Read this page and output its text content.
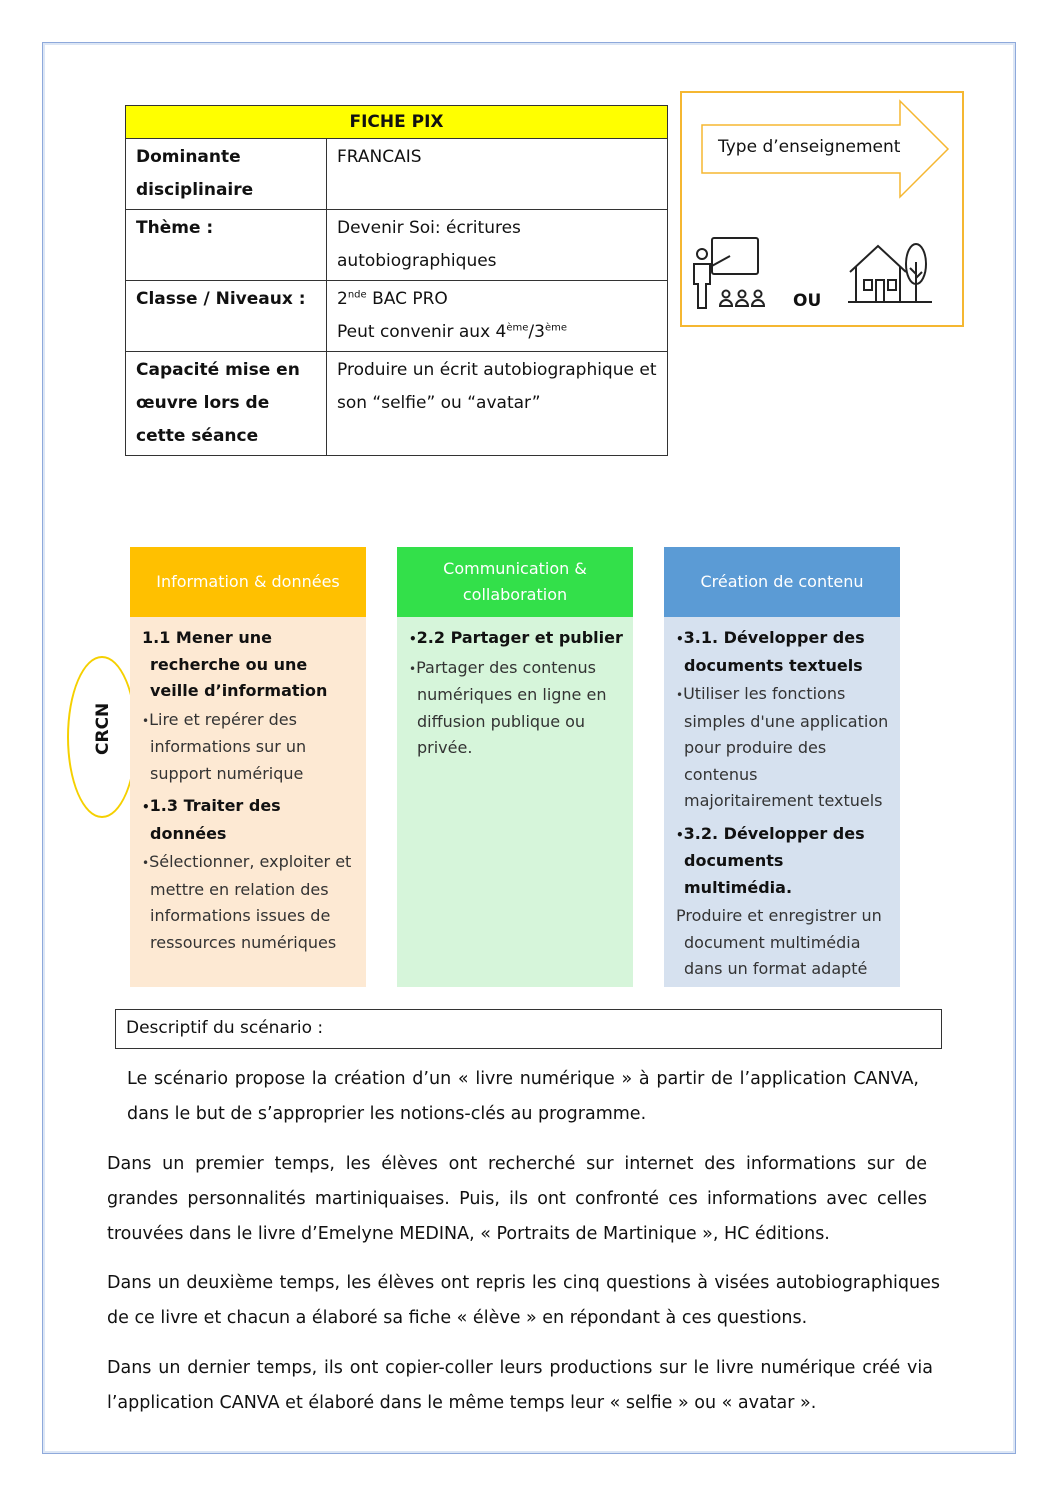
FICHE PIX	
Dominante disciplinaire	FRANCAIS
Thème :	Devenir Soi: écritures autobiographiques
Classe / Niveaux :	2nde BAC PRO
Peut convenir aux 4ème/3ème

Capacité mise en œuvre lors de cette séance	Produire un écrit autobiographique et son “selfie” ou “avatar”
Type d’enseignement
OU
CRCN
Information & données
1.1 Mener une recherche ou une veille d’information
•Lire et repérer des informations sur un support numérique
•1.3 Traiter des données
•Sélectionner, exploiter et mettre en relation des informations issues de ressources numériques
Communication & collaboration
•2.2 Partager et publier
•Partager des contenus numériques en ligne en diffusion publique ou privée.
Création de contenu
•3.1. Développer des documents textuels
•Utiliser les fonctions simples d'une application pour produire des contenus majoritairement textuels
•3.2. Développer des documents multimédia.
Produire et enregistrer un document multimédia dans un format adapté
Descriptif du scénario :
Le scénario propose la création d’un « livre numérique » à partir de l’application CANVA, dans le but de s’approprier les notions-clés au programme.
Dans un premier temps, les élèves ont recherché sur internet des informations sur de grandes personnalités martiniquaises. Puis, ils ont confronté ces informations avec celles trouvées dans le livre d’Emelyne MEDINA, « Portraits de Martinique », HC éditions.
Dans un deuxième temps, les élèves ont repris les cinq questions à visées autobiographiques de ce livre et chacun a élaboré sa fiche « élève » en répondant à ces questions.
Dans un dernier temps, ils ont copier-coller leurs productions sur le livre numérique créé via l’application CANVA et élaboré dans le même temps leur « selfie » ou « avatar ».
